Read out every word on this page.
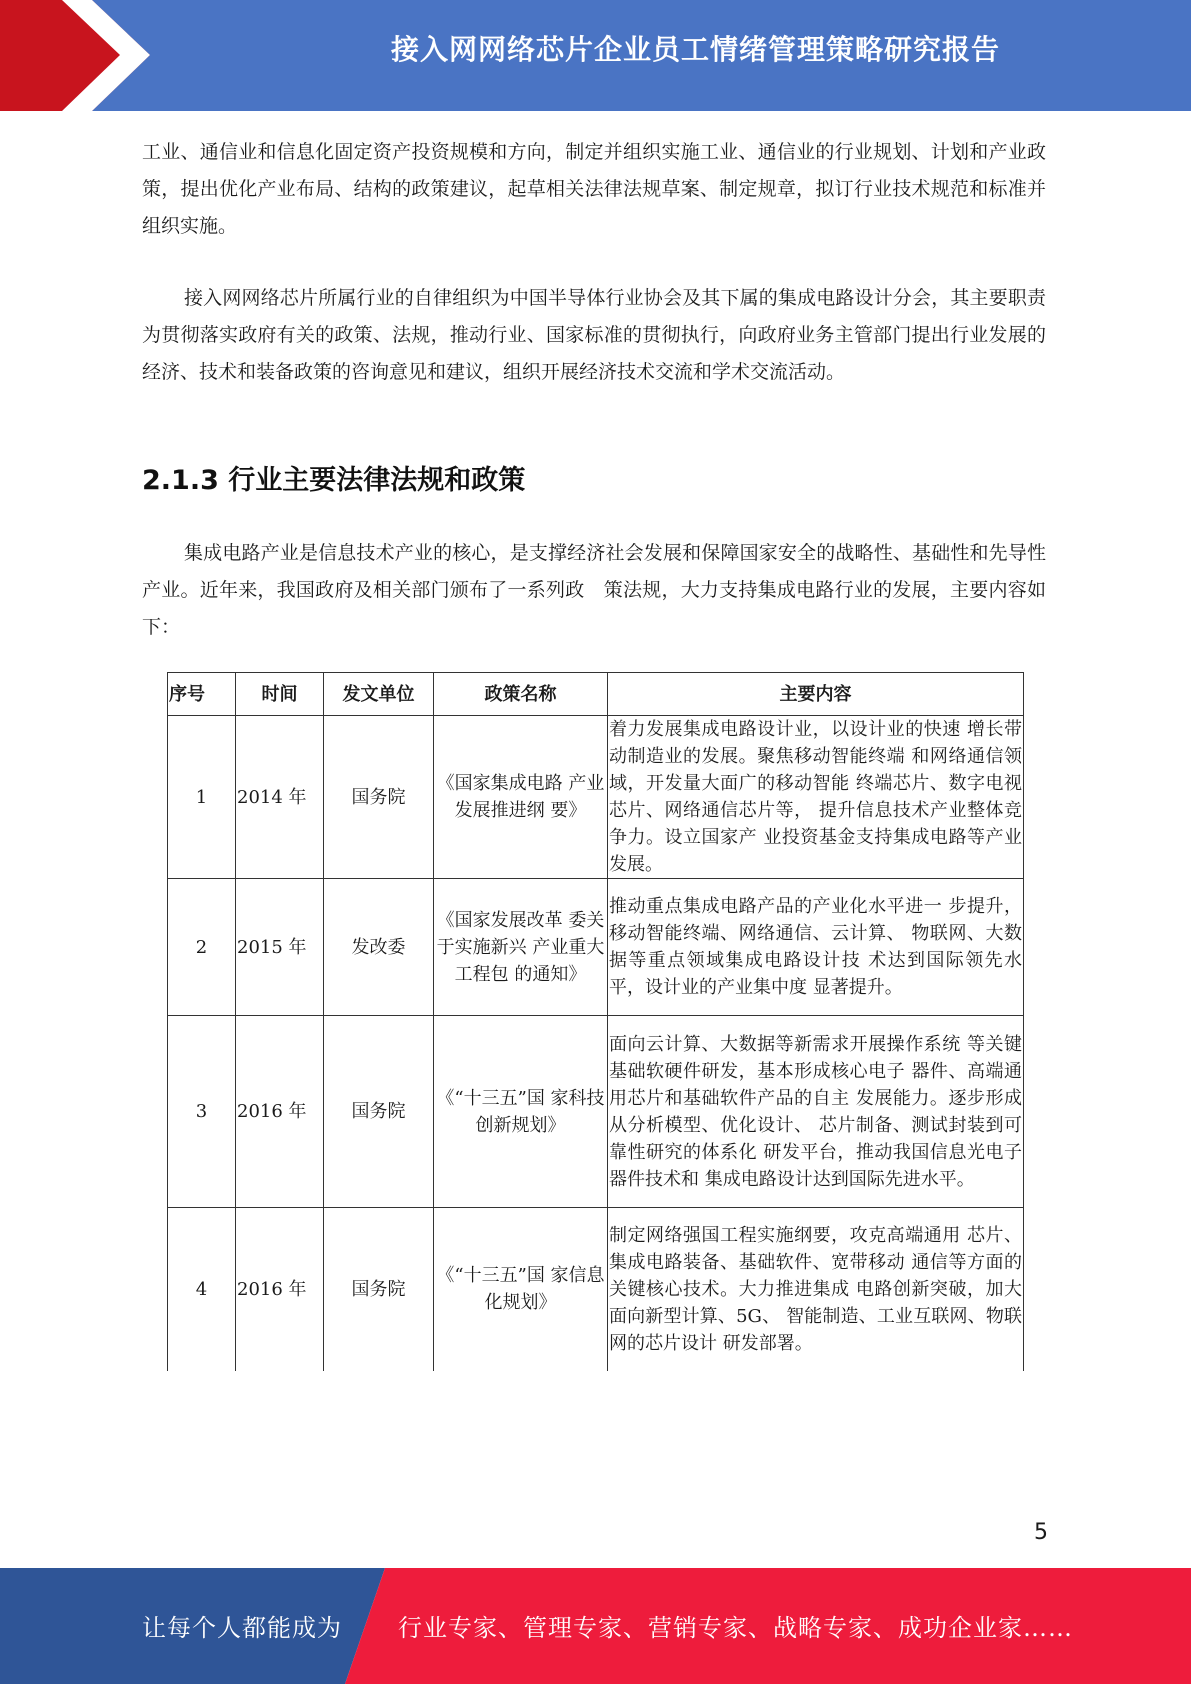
接入网网络芯片企业员工情绪管理策略研究报告

工业、通信业和信息化固定资产投资规模和方向，制定并组织实施工业、通信业的行业规划、计划和产业政策，提出优化产业布局、结构的政策建议，起草相关法律法规草案、制定规章，拟订行业技术规范和标准并组织实施。

接入网网络芯片所属行业的自律组织为中国半导体行业协会及其下属的集成电路设计分会，其主要职责为贯彻落实政府有关的政策、法规，推动行业、国家标准的贯彻执行，向政府业务主管部门提出行业发展的经济、技术和装备政策的咨询意见和建议，组织开展经济技术交流和学术交流活动。

2.1.3 行业主要法律法规和政策

集成电路产业是信息技术产业的核心，是支撑经济社会发展和保障国家安全的战略性、基础性和先导性产业。近年来，我国政府及相关部门颁布了一系列政　策法规，大力支持集成电路行业的发展，主要内容如下：

序号	时间	发文单位	政策名称	主要内容
1	2014 年	国务院	《国家集成电路 产业发展推进纲 要》	着力发展集成电路设计业，以设计业的快速 增长带动制造业的发展。聚焦移动智能终端 和网络通信领域，开发量大面广的移动智能 终端芯片、数字电视芯片、网络通信芯片等， 提升信息技术产业整体竞争力。设立国家产 业投资基金支持集成电路等产业发展。
2	2015 年	发改委	《国家发展改革 委关于实施新兴 产业重大工程包 的通知》	推动重点集成电路产品的产业化水平进一 步提升，移动智能终端、网络通信、云计算、 物联网、大数据等重点领域集成电路设计技 术达到国际领先水平，设计业的产业集中度 显著提升。
3	2016 年	国务院	《“十三五”国 家科技创新规划》	面向云计算、大数据等新需求开展操作系统 等关键基础软硬件研发，基本形成核心电子 器件、高端通用芯片和基础软件产品的自主 发展能力。逐步形成从分析模型、优化设计、 芯片制备、测试封装到可靠性研究的体系化 研发平台，推动我国信息光电子器件技术和 集成电路设计达到国际先进水平。
4	2016 年	国务院	《“十三五”国 家信息化规划》	制定网络强国工程实施纲要，攻克高端通用 芯片、集成电路装备、基础软件、宽带移动 通信等方面的关键核心技术。大力推进集成 电路创新突破，加大面向新型计算、5G、 智能制造、工业互联网、物联网的芯片设计 研发部署。
5
让每个人都能成为 行业专家、管理专家、营销专家、战略专家、成功企业家……
